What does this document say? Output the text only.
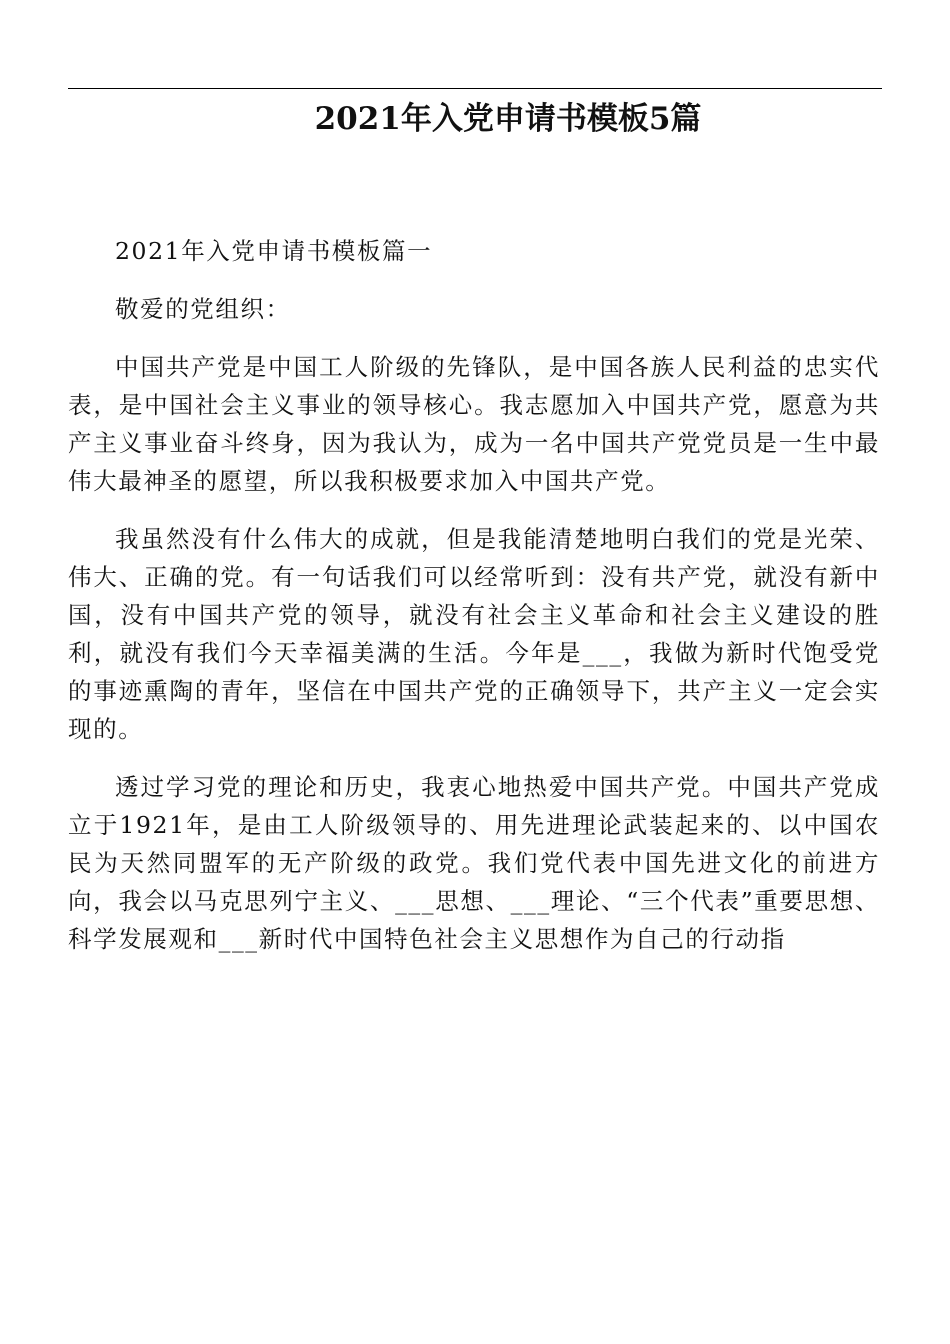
2021年入党申请书模板5篇

2021年入党申请书模板篇一

敬爱的党组织：

中国共产党是中国工人阶级的先锋队，是中国各族人民利益的忠实代表，是中国社会主义事业的领导核心。我志愿加入中国共产党，愿意为共产主义事业奋斗终身，因为我认为，成为一名中国共产党党员是一生中最伟大最神圣的愿望，所以我积极要求加入中国共产党。

我虽然没有什么伟大的成就，但是我能清楚地明白我们的党是光荣、伟大、正确的党。有一句话我们可以经常听到：没有共产党，就没有新中国，没有中国共产党的领导，就没有社会主义革命和社会主义建设的胜利，就没有我们今天幸福美满的生活。今年是___，我做为新时代饱受党的事迹熏陶的青年，坚信在中国共产党的正确领导下，共产主义一定会实现的。

透过学习党的理论和历史，我衷心地热爱中国共产党。中国共产党成立于1921年，是由工人阶级领导的、用先进理论武装起来的、以中国农民为天然同盟军的无产阶级的政党。我们党代表中国先进文化的前进方向，我会以马克思列宁主义、___思想、___理论、“三个代表”重要思想、科学发展观和___新时代中国特色社会主义思想作为自己的行动指
